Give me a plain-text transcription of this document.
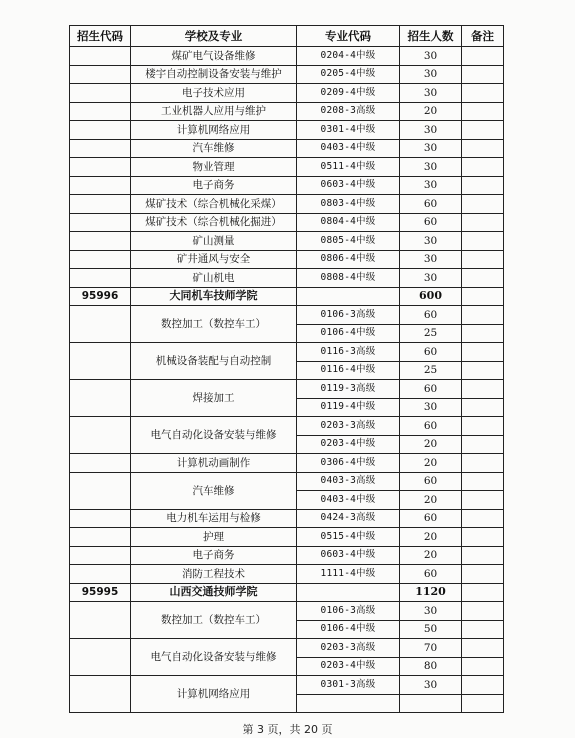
招生代码	学校及专业	专业代码	招生人数	备注
	煤矿电气设备维修	0204-4中级	30	
	楼宇自动控制设备安装与维护	0205-4中级	30	
	电子技术应用	0209-4中级	30	
	工业机器人应用与维护	0208-3高级	20	
	计算机网络应用	0301-4中级	30	
	汽车维修	0403-4中级	30	
	物业管理	0511-4中级	30	
	电子商务	0603-4中级	30	
	煤矿技术（综合机械化采煤）	0803-4中级	60	
	煤矿技术（综合机械化掘进）	0804-4中级	60	
	矿山测量	0805-4中级	30	
	矿井通风与安全	0806-4中级	30	
	矿山机电	0808-4中级	30	
95996	大同机车技师学院		600	
	数控加工（数控车工）	0106-3高级	60	
		0106-4中级	25	
	机械设备装配与自动控制	0116-3高级	60	
		0116-4中级	25	
	焊接加工	0119-3高级	60	
		0119-4中级	30	
	电气自动化设备安装与维修	0203-3高级	60	
		0203-4中级	20	
	计算机动画制作	0306-4中级	20	
	汽车维修	0403-3高级	60	
		0403-4中级	20	
	电力机车运用与检修	0424-3高级	60	
	护理	0515-4中级	20	
	电子商务	0603-4中级	20	
	消防工程技术	1111-4中级	60	
95995	山西交通技师学院		1120	
	数控加工（数控车工）	0106-3高级	30	
		0106-4中级	50	
	电气自动化设备安装与维修	0203-3高级	70	
		0203-4中级	80	
	计算机网络应用	0301-3高级	30	

第 3 页，共 20 页
